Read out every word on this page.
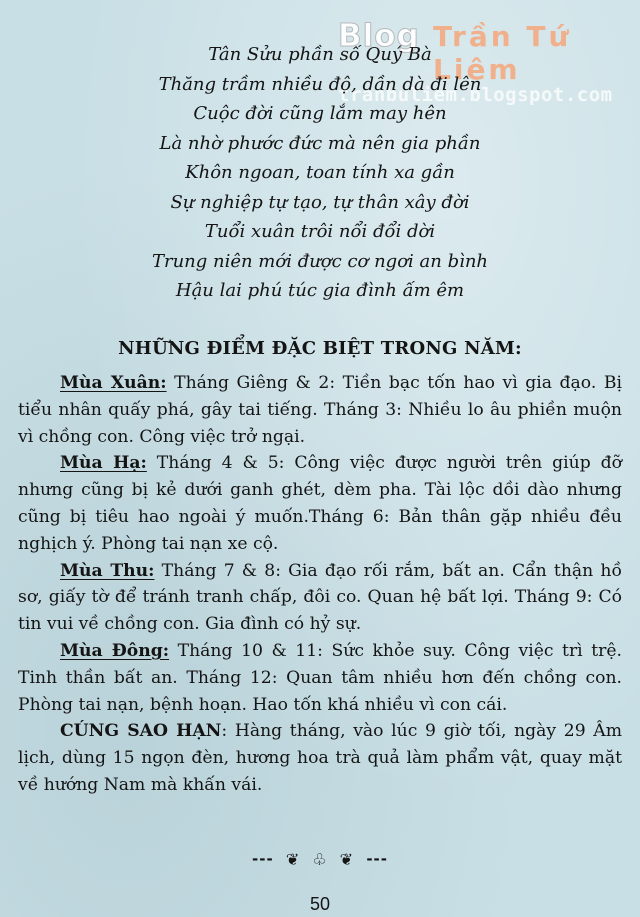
Blog Trần Tứ Liêm
tranbuliem.blogspot.com
Tân Sửu phần số Quý Bà
Thăng trầm nhiều độ, dần dà đi lên
Cuộc đời cũng lắm may hên
Là nhờ phước đức mà nên gia phần
Khôn ngoan, toan tính xa gần
Sự nghiệp tự tạo, tự thân xây đời
Tuổi xuân trôi nổi đổi dời
Trung niên mới được cơ ngơi an bình
Hậu lai phú túc gia đình ấm êm
NHỮNG ĐIỂM ĐẶC BIỆT TRONG NĂM:

Mùa Xuân: Tháng Giêng & 2: Tiền bạc tốn hao vì gia đạo. Bị tiểu nhân quấy phá, gây tai tiếng. Tháng 3: Nhiều lo âu phiền muộn vì chồng con. Công việc trở ngại.

Mùa Hạ: Tháng 4 & 5: Công việc được người trên giúp đỡ nhưng cũng bị kẻ dưới ganh ghét, dèm pha. Tài lộc dồi dào nhưng cũng bị tiêu hao ngoài ý muốn.Tháng 6: Bản thân gặp nhiều đều nghịch ý. Phòng tai nạn xe cộ.

Mùa Thu: Tháng 7 & 8: Gia đạo rối rắm, bất an. Cẩn thận hồ sơ, giấy tờ để tránh tranh chấp, đôi co. Quan hệ bất lợi. Tháng 9: Có tin vui về chồng con. Gia đình có hỷ sự.

Mùa Đông: Tháng 10 & 11: Sức khỏe suy. Công việc trì trệ. Tinh thần bất an. Tháng 12: Quan tâm nhiều hơn đến chồng con. Phòng tai nạn, bệnh hoạn. Hao tốn khá nhiều vì con cái.

CÚNG SAO HẠN: Hàng tháng, vào lúc 9 giờ tối, ngày 29 Âm lịch, dùng 15 ngọn đèn, hương hoa trà quả làm phẩm vật, quay mặt về hướng Nam mà khấn vái.

--- ❦ ♧ ❦ ---
50
